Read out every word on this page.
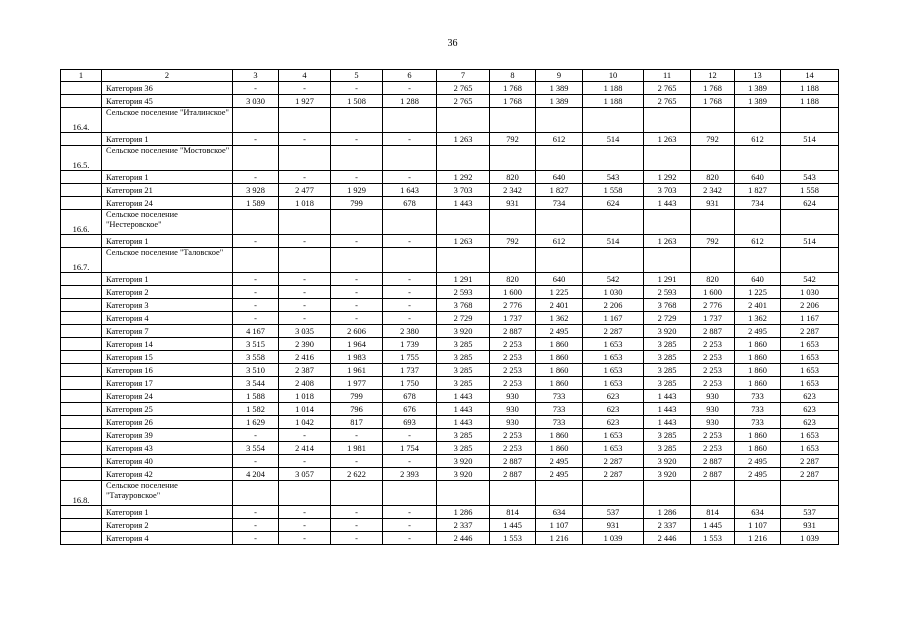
36
1	2	3	4	5	6	7	8	9	10	11	12	13	14
	Категория 36	-	-	-	-	2 765	1 768	1 389	1 188	2 765	1 768	1 389	1 188
	Категория 45	3 030	1 927	1 508	1 288	2 765	1 768	1 389	1 188	2 765	1 768	1 389	1 188
16.4.	Сельское поселение "Италинское"												
	Категория 1	-	-	-	-	1 263	792	612	514	1 263	792	612	514
16.5.	Сельское поселение "Мостовское"												
	Категория 1	-	-	-	-	1 292	820	640	543	1 292	820	640	543
	Категория 21	3 928	2 477	1 929	1 643	3 703	2 342	1 827	1 558	3 703	2 342	1 827	1 558
	Категория 24	1 589	1 018	799	678	1 443	931	734	624	1 443	931	734	624
16.6.	Сельское поселение "Нестеровское"												
	Категория 1	-	-	-	-	1 263	792	612	514	1 263	792	612	514
16.7.	Сельское поселение "Таловское"												
	Категория 1	-	-	-	-	1 291	820	640	542	1 291	820	640	542
	Категория 2	-	-	-	-	2 593	1 600	1 225	1 030	2 593	1 600	1 225	1 030
	Категория 3	-	-	-	-	3 768	2 776	2 401	2 206	3 768	2 776	2 401	2 206
	Категория 4	-	-	-	-	2 729	1 737	1 362	1 167	2 729	1 737	1 362	1 167
	Категория 7	4 167	3 035	2 606	2 380	3 920	2 887	2 495	2 287	3 920	2 887	2 495	2 287
	Категория 14	3 515	2 390	1 964	1 739	3 285	2 253	1 860	1 653	3 285	2 253	1 860	1 653
	Категория 15	3 558	2 416	1 983	1 755	3 285	2 253	1 860	1 653	3 285	2 253	1 860	1 653
	Категория 16	3 510	2 387	1 961	1 737	3 285	2 253	1 860	1 653	3 285	2 253	1 860	1 653
	Категория 17	3 544	2 408	1 977	1 750	3 285	2 253	1 860	1 653	3 285	2 253	1 860	1 653
	Категория 24	1 588	1 018	799	678	1 443	930	733	623	1 443	930	733	623
	Категория 25	1 582	1 014	796	676	1 443	930	733	623	1 443	930	733	623
	Категория 26	1 629	1 042	817	693	1 443	930	733	623	1 443	930	733	623
	Категория 39	-	-	-	-	3 285	2 253	1 860	1 653	3 285	2 253	1 860	1 653
	Категория 43	3 554	2 414	1 981	1 754	3 285	2 253	1 860	1 653	3 285	2 253	1 860	1 653
	Категория 40	-	-	-	-	3 920	2 887	2 495	2 287	3 920	2 887	2 495	2 287
	Категория 42	4 204	3 057	2 622	2 393	3 920	2 887	2 495	2 287	3 920	2 887	2 495	2 287
16.8.	Сельское поселение "Татауровское"												
	Категория 1	-	-	-	-	1 286	814	634	537	1 286	814	634	537
	Категория 2	-	-	-	-	2 337	1 445	1 107	931	2 337	1 445	1 107	931
	Категория 4	-	-	-	-	2 446	1 553	1 216	1 039	2 446	1 553	1 216	1 039
